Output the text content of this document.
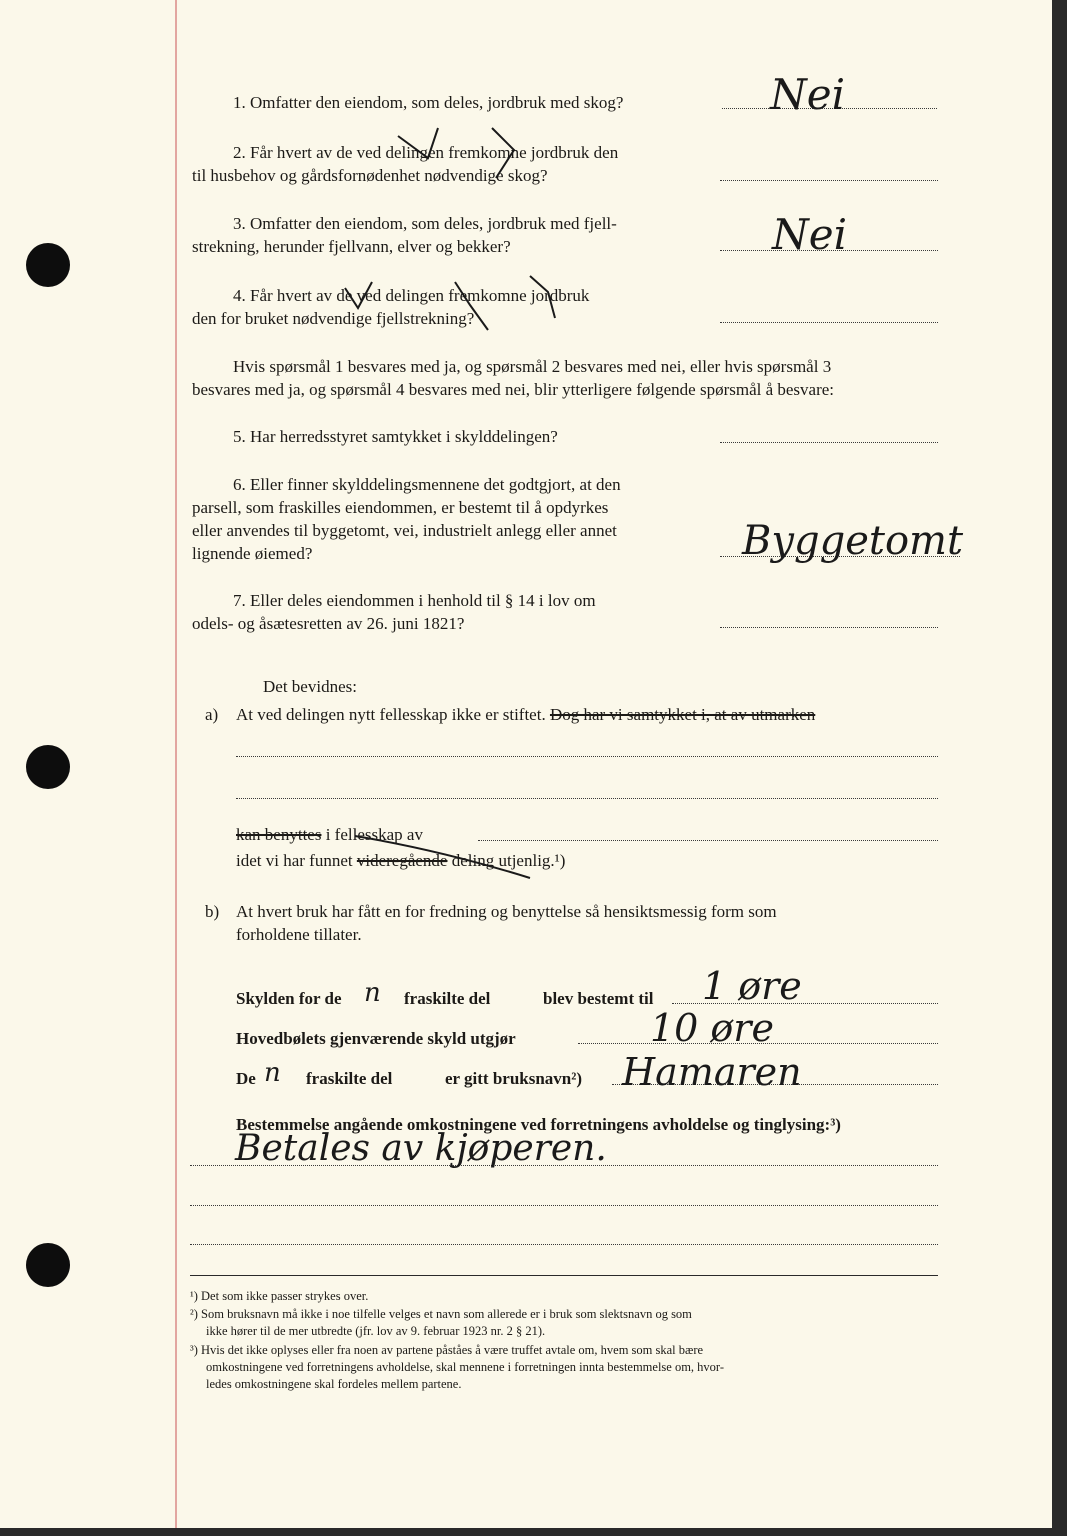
1. Omfatter den eiendom, som deles, jordbruk med skog?	Nei
2. Får hvert av de ved delingen fremkomne jordbruk den
til husbehov og gårdsfornødenhet nødvendige skog?
3. Omfatter den eiendom, som deles, jordbruk med fjell-
strekning, herunder fjellvann, elver og bekker?	Nei
4. Får hvert av de ved delingen fremkomne jordbruk
den for bruket nødvendige fjellstrekning?
Hvis spørsmål 1 besvares med ja, og spørsmål 2 besvares med nei, eller hvis spørsmål 3
besvares med ja, og spørsmål 4 besvares med nei, blir ytterligere følgende spørsmål å besvare:
5. Har herredsstyret samtykket i skylddelingen?
6. Eller finner skylddelingsmennene det godtgjort, at den
parsell, som fraskilles eiendommen, er bestemt til å opdyrkes
eller anvendes til byggetomt, vei, industrielt anlegg eller annet
lignende øiemed?	Byggetomt
7. Eller deles eiendommen i henhold til § 14 i lov om
odels- og åsætesretten av 26. juni 1821?
Det bevidnes:
a) At ved delingen nytt fellesskap ikke er stiftet. Dog har vi samtykket i, at av utmarken
kan benyttes i fellesskap av
idet vi har funnet videregående deling utjenlig.¹)
b) At hvert bruk har fått en for fredning og benyttelse så hensiktsmessig form som
forholdene tillater.
Skylden for de n fraskilte del	blev bestemt til 1 øre
Hovedbølets gjenværende skyld utgjør	10 øre
De n fraskilte del	er gitt bruksnavn²) Hamaren
Bestemmelse angående omkostningene ved forretningens avholdelse og tinglysing:³)
Betales av kjøperen.
¹) Det som ikke passer strykes over.
²) Som bruksnavn må ikke i noe tilfelle velges et navn som allerede er i bruk som slektsnavn og som
ikke hører til de mer utbredte (jfr. lov av 9. februar 1923 nr. 2 § 21).
³) Hvis det ikke oplyses eller fra noen av partene påståes å være truffet avtale om, hvem som skal bære
omkostningene ved forretningens avholdelse, skal mennene i forretningen innta bestemmelse om, hvor-
ledes omkostningene skal fordeles mellem partene.
